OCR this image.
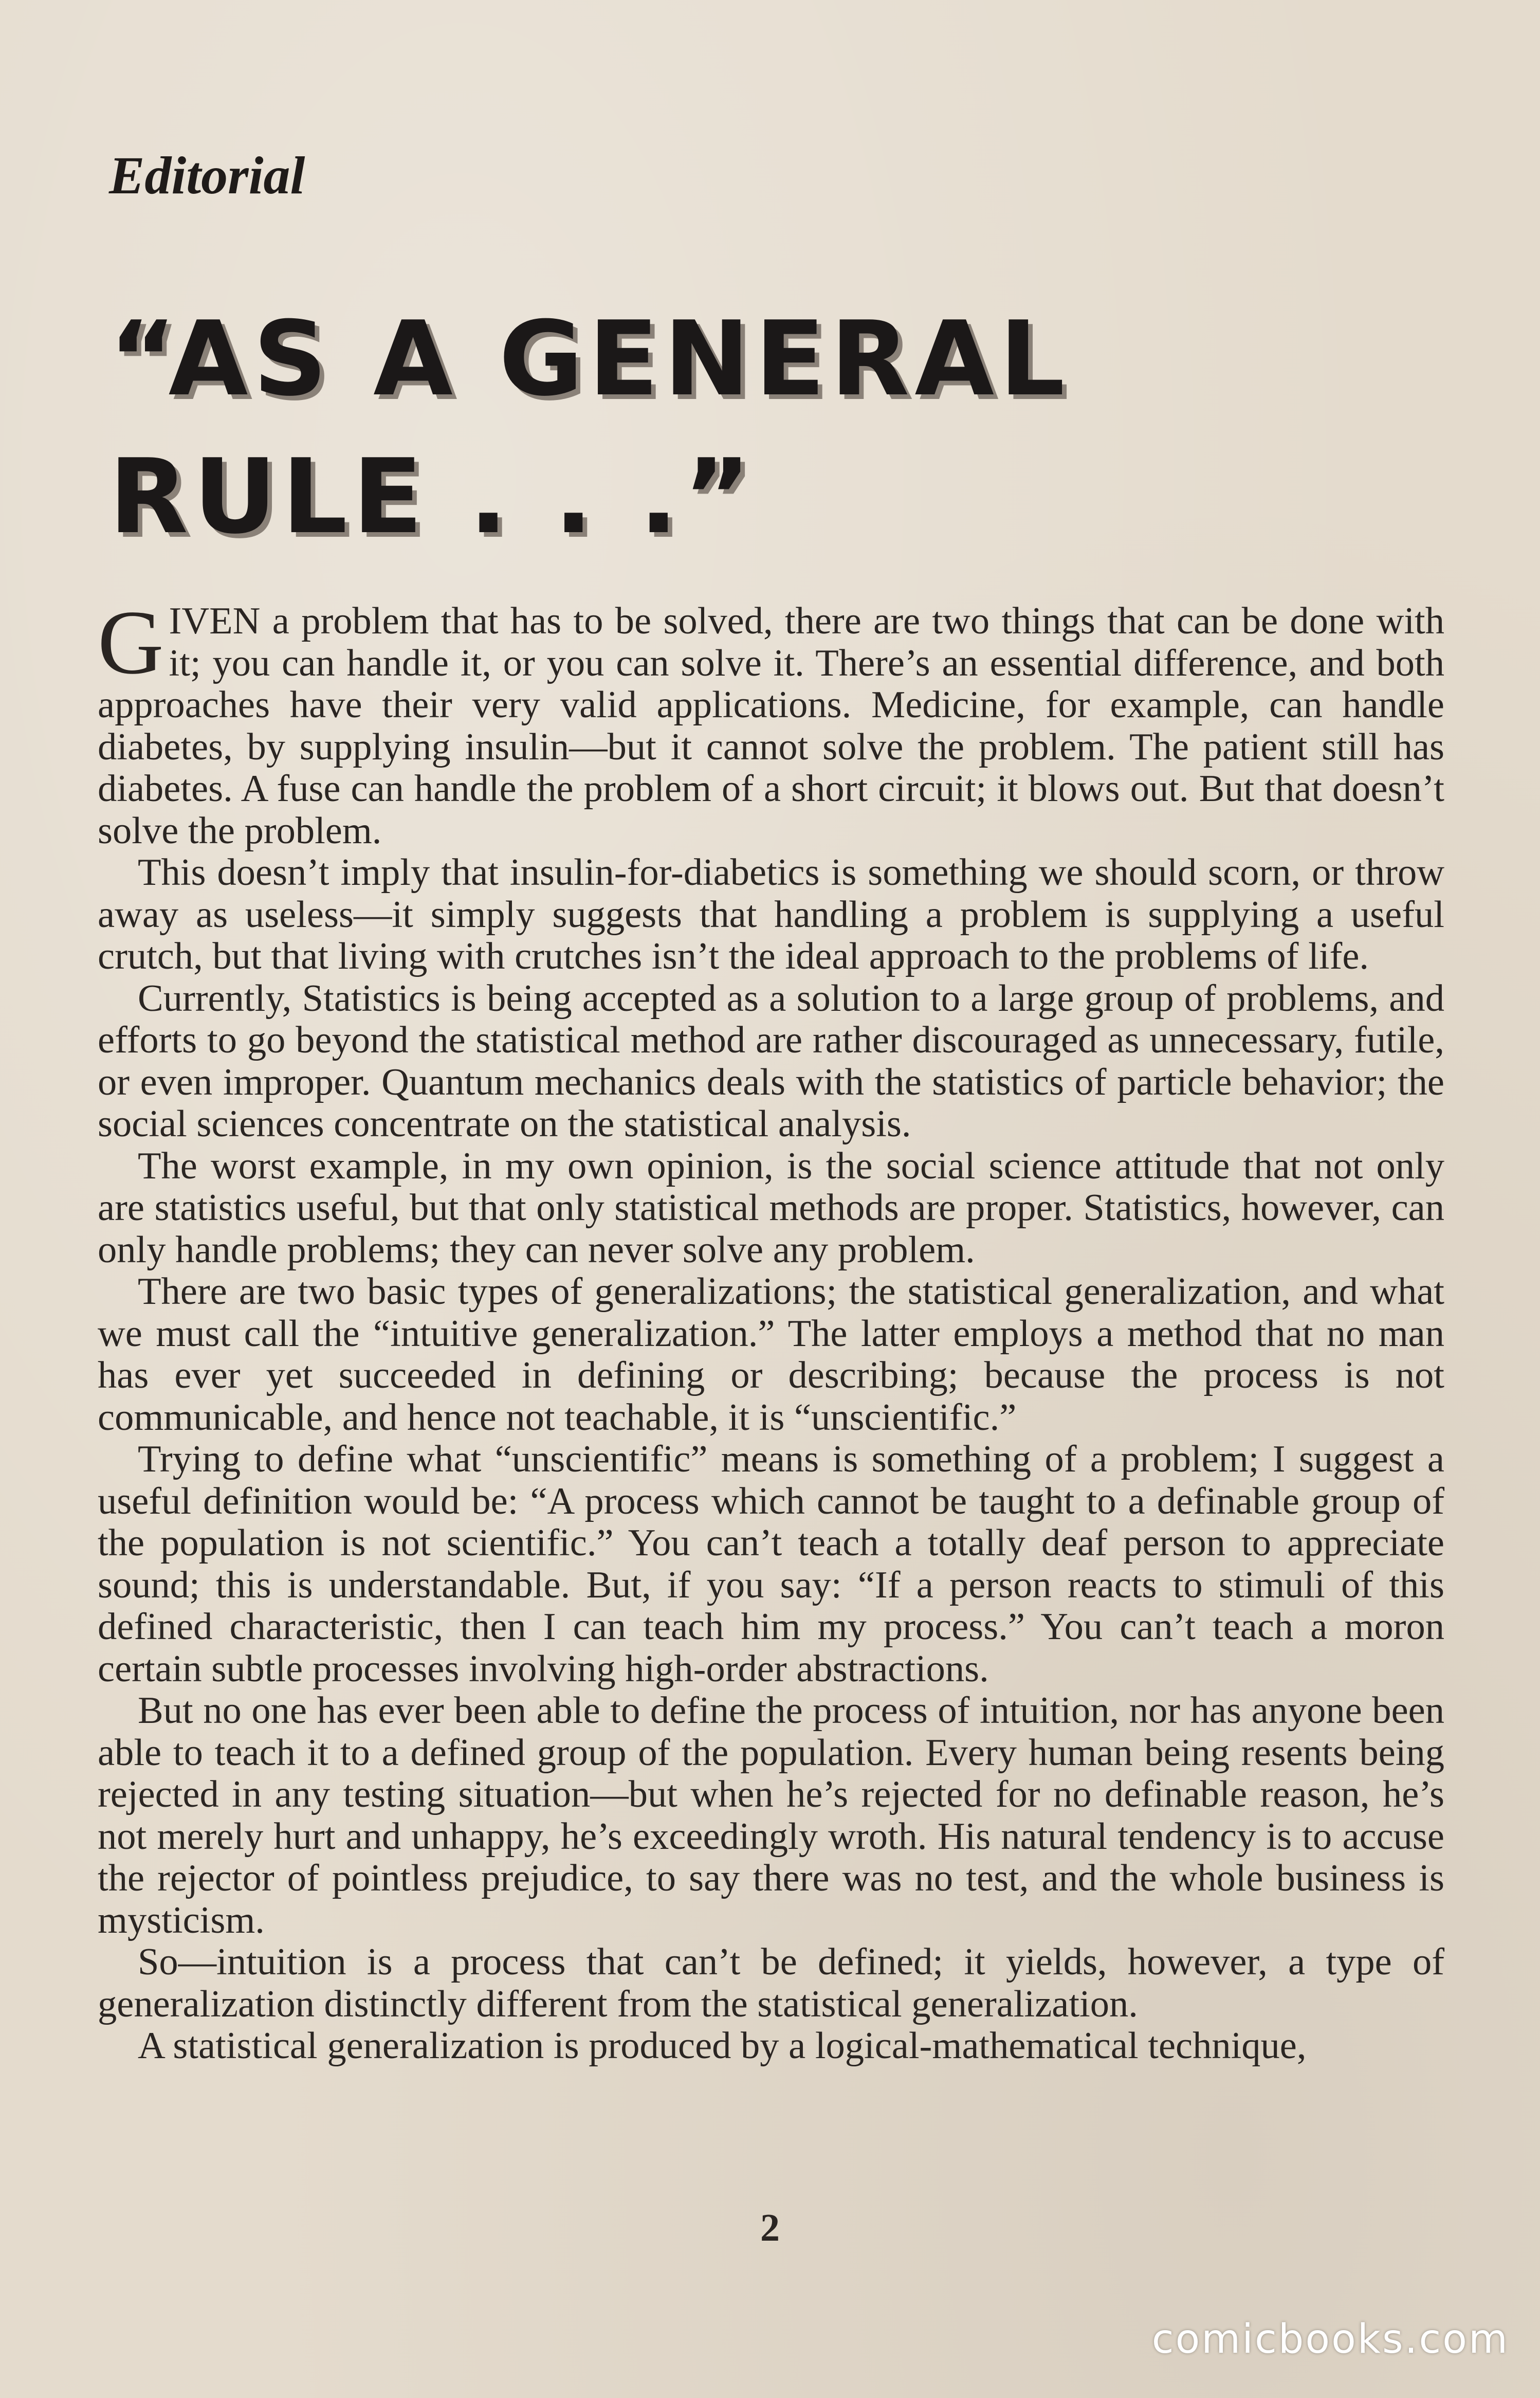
Editorial
“AS A GENERAL
RULE . . .”

GIVEN a problem that has to be solved, there are two things that can be done with it; you can handle it, or you can solve it. There’s an essential difference, and both approaches have their very valid applications. Medicine, for example, can handle diabetes, by supplying insulin—but it cannot solve the problem. The patient still has diabetes. A fuse can handle the problem of a short circuit; it blows out. But that doesn’t solve the problem.

This doesn’t imply that insulin-for-diabetics is something we should scorn, or throw away as useless—it simply suggests that handling a problem is supplying a useful crutch, but that living with crutches isn’t the ideal approach to the problems of life.

Currently, Statistics is being accepted as a solution to a large group of problems, and efforts to go beyond the statistical method are rather discouraged as unnecessary, futile, or even improper. Quantum mechanics deals with the statistics of particle behavior; the social sciences concentrate on the statistical analysis.

The worst example, in my own opinion, is the social science attitude that not only are statistics useful, but that only statistical methods are proper. Statistics, however, can only handle problems; they can never solve any problem.

There are two basic types of generalizations; the statistical generalization, and what we must call the “intuitive generalization.” The latter employs a method that no man has ever yet succeeded in defining or describing; because the process is not communicable, and hence not teachable, it is “unscientific.”

Trying to define what “unscientific” means is something of a problem; I suggest a useful definition would be: “A process which cannot be taught to a definable group of the population is not scientific.” You can’t teach a totally deaf person to appreciate sound; this is understandable. But, if you say: “If a person reacts to stimuli of this defined characteristic, then I can teach him my process.” You can’t teach a moron certain subtle processes involving high-order abstractions.

But no one has ever been able to define the process of intuition, nor has anyone been able to teach it to a defined group of the population. Every human being resents being rejected in any testing situation—but when he’s rejected for no definable reason, he’s not merely hurt and unhappy, he’s exceedingly wroth. His natural tendency is to accuse the rejector of pointless prejudice, to say there was no test, and the whole business is mysticism.

So—intuition is a process that can’t be defined; it yields, however, a type of generalization distinctly different from the statistical generalization.

A statistical generalization is produced by a logical-mathematical technique,

2
comicbooks.com
